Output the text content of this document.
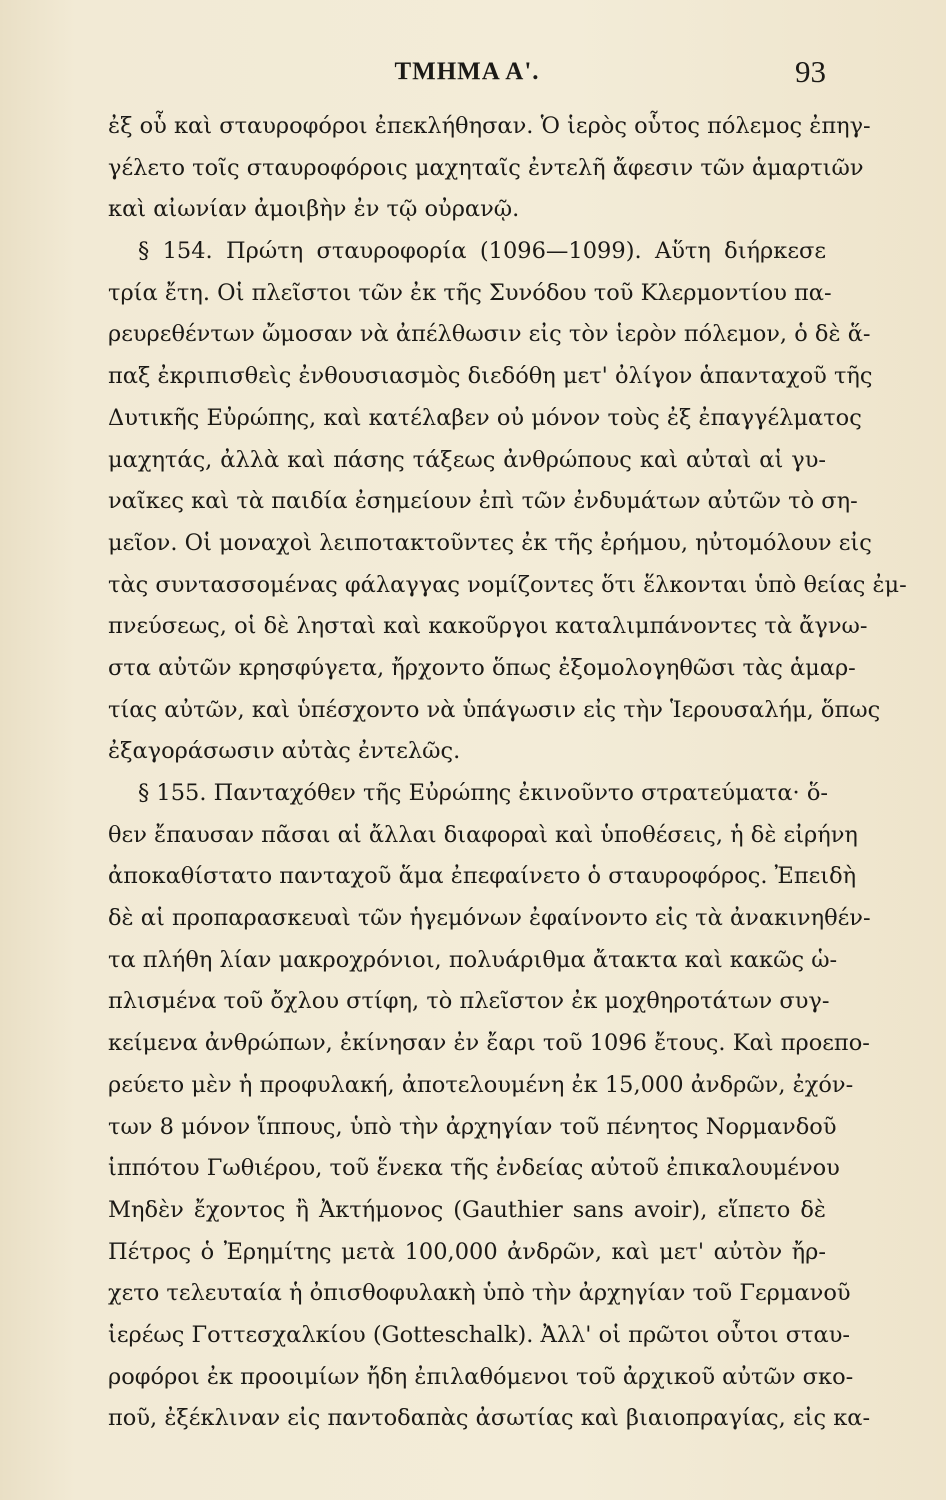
ΤΜΗΜΑ Α'.	93
ἐξ οὗ καὶ σταυροφόροι ἐπεκλήθησαν. Ὁ ἱερὸς οὗτος πόλεμος ἐπηγ-
γέλετο τοῖς σταυροφόροις μαχηταῖς ἐντελῆ ἄφεσιν τῶν ἁμαρτιῶν
καὶ αἰωνίαν ἀμοιβὴν ἐν τῷ οὐρανῷ.
§ 154. Πρώτη σταυροφορία (1096—1099). Αὕτη διήρκεσε
τρία ἔτη. Οἱ πλεῖστοι τῶν ἐκ τῆς Συνόδου τοῦ Κλερμοντίου πα-
ρευρεθέντων ὤμοσαν νὰ ἀπέλθωσιν εἰς τὸν ἱερὸν πόλεμον, ὁ δὲ ἅ-
παξ ἐκριπισθεὶς ἐνθουσιασμὸς διεδόθη μετ' ὀλίγον ἁπανταχοῦ τῆς
Δυτικῆς Εὐρώπης, καὶ κατέλαβεν οὐ μόνον τοὺς ἐξ ἐπαγγέλματος
μαχητάς, ἀλλὰ καὶ πάσης τάξεως ἀνθρώπους καὶ αὐταὶ αἱ γυ-
ναῖκες καὶ τὰ παιδία ἐσημείουν ἐπὶ τῶν ἐνδυμάτων αὐτῶν τὸ ση-
μεῖον. Οἱ μοναχοὶ λειποτακτοῦντες ἐκ τῆς ἐρήμου, ηὐτομόλουν εἰς
τὰς συντασσομένας φάλαγγας νομίζοντες ὅτι ἕλκονται ὑπὸ θείας ἐμ-
πνεύσεως, οἱ δὲ λησταὶ καὶ κακοῦργοι καταλιμπάνοντες τὰ ἄγνω-
στα αὐτῶν κρησφύγετα, ἤρχοντο ὅπως ἐξομολογηθῶσι τὰς ἁμαρ-
τίας αὐτῶν, καὶ ὑπέσχοντο νὰ ὑπάγωσιν εἰς τὴν Ἱερουσαλήμ, ὅπως
ἐξαγοράσωσιν αὐτὰς ἐντελῶς.
§ 155. Πανταχόθεν τῆς Εὐρώπης ἐκινοῦντο στρατεύματα· ὅ-
θεν ἔπαυσαν πᾶσαι αἱ ἄλλαι διαφοραὶ καὶ ὑποθέσεις, ἡ δὲ εἰρήνη
ἀποκαθίστατο πανταχοῦ ἅμα ἐπεφαίνετο ὁ σταυροφόρος. Ἐπειδὴ
δὲ αἱ προπαρασκευαὶ τῶν ἡγεμόνων ἐφαίνοντο εἰς τὰ ἀνακινηθέν-
τα πλήθη λίαν μακροχρόνιοι, πολυάριθμα ἄτακτα καὶ κακῶς ὡ-
πλισμένα τοῦ ὄχλου στίφη, τὸ πλεῖστον ἐκ μοχθηροτάτων συγ-
κείμενα ἀνθρώπων, ἐκίνησαν ἐν ἔαρι τοῦ 1096 ἔτους. Καὶ προεπο-
ρεύετο μὲν ἡ προφυλακή, ἀποτελουμένη ἐκ 15,000 ἀνδρῶν, ἐχόν-
των 8 μόνον ἵππους, ὑπὸ τὴν ἀρχηγίαν τοῦ πένητος Νορμανδοῦ
ἱππότου Γωθιέρου, τοῦ ἕνεκα τῆς ἐνδείας αὐτοῦ ἐπικαλουμένου
Μηδὲν ἔχοντος ἢ Ἀκτήμονος (Gauthier sans avoir), εἵπετο δὲ
Πέτρος ὁ Ἐρημίτης μετὰ 100,000 ἀνδρῶν, καὶ μετ' αὐτὸν ἤρ-
χετο τελευταία ἡ ὀπισθοφυλακὴ ὑπὸ τὴν ἀρχηγίαν τοῦ Γερμανοῦ
ἱερέως Γοττεσχαλκίου (Gotteschalk). Ἀλλ' οἱ πρῶτοι οὗτοι σταυ-
ροφόροι ἐκ προοιμίων ἤδη ἐπιλαθόμενοι τοῦ ἀρχικοῦ αὐτῶν σκο-
ποῦ, ἐξέκλιναν εἰς παντοδαπὰς ἀσωτίας καὶ βιαιοπραγίας, εἰς κα-
